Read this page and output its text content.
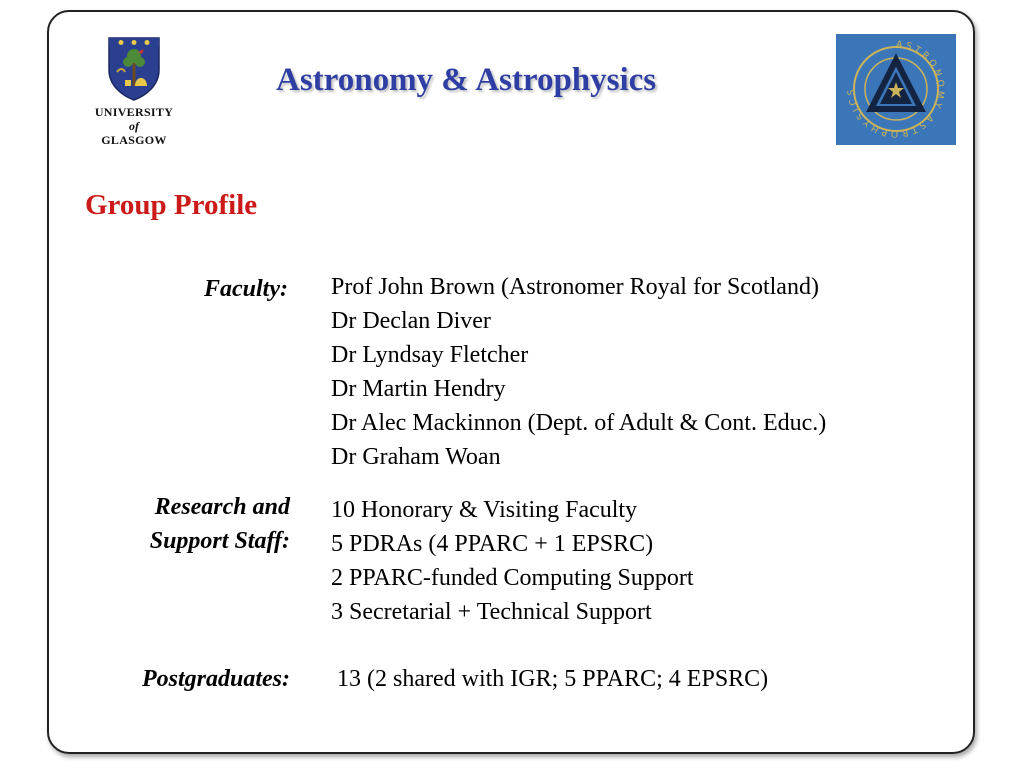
UNIVERSITY
of
GLASGOW
Astronomy & Astrophysics
ASTRONOMY ASTROPHYSICS
Group Profile
Faculty: Prof John Brown (Astronomer Royal for Scotland)
Dr Declan Diver
Dr Lyndsay Fletcher
Dr Martin Hendry
Dr Alec Mackinnon (Dept. of Adult & Cont. Educ.)
Dr Graham Woan
Research and
Support Staff:
10 Honorary & Visiting Faculty
5 PDRAs (4 PPARC + 1 EPSRC)
2 PPARC-funded Computing Support
3 Secretarial + Technical Support
Postgraduates: 13 (2 shared with IGR; 5 PPARC; 4 EPSRC)
